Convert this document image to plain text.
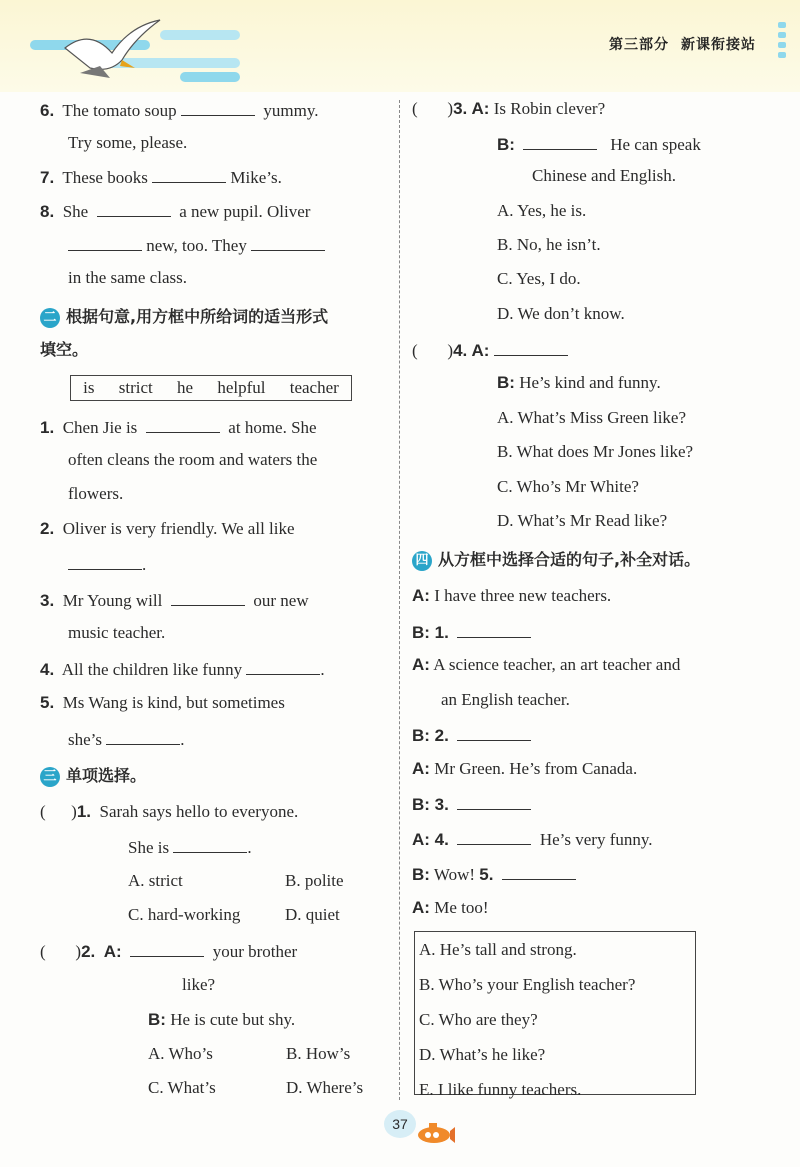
第三部分 新课衔接站
6. The tomato soup	yummy.
Try some, please.
7. These books	Mike’s.
8. She	a new pupil. Oliver
new, too. They
in the same class.
二 根据句意,用方框中所给词的适当形式
填空。
is strict he helpful teacher
1. Chen Jie is	at home. She
often cleans the room and waters the
flowers.
2. Oliver is very friendly. We all like
.
3. Mr Young will	our new
music teacher.
4. All the children like funny	.
5. Ms Wang is kind, but sometimes
she’s	.
三 单项选择。
(      )1. Sarah says hello to everyone.
She is	.
A. strict	B. polite
C. hard-working	D. quiet
(       )2. A:	your brother
like?
B: He is cute but shy.
A. Who’s	B. How’s
C. What’s	D. Where’s
(       )3. A: Is Robin clever?
B:	He can speak
Chinese and English.
A. Yes, he is.
B. No, he isn’t.
C. Yes, I do.
D. We don’t know.
(       )4. A:
B: He’s kind and funny.
A. What’s Miss Green like?
B. What does Mr Jones like?
C. Who’s Mr White?
D. What’s Mr Read like?
四 从方框中选择合适的句子,补全对话。
A: I have three new teachers.
B: 1.
A: A science teacher, an art teacher and
an English teacher.
B: 2.
A: Mr Green. He’s from Canada.
B: 3.
A: 4.	He’s very funny.
B: Wow! 5.
A: Me too!
A. He’s tall and strong.
B. Who’s your English teacher?
C. Who are they?
D. What’s he like?
E. I like funny teachers.
37
